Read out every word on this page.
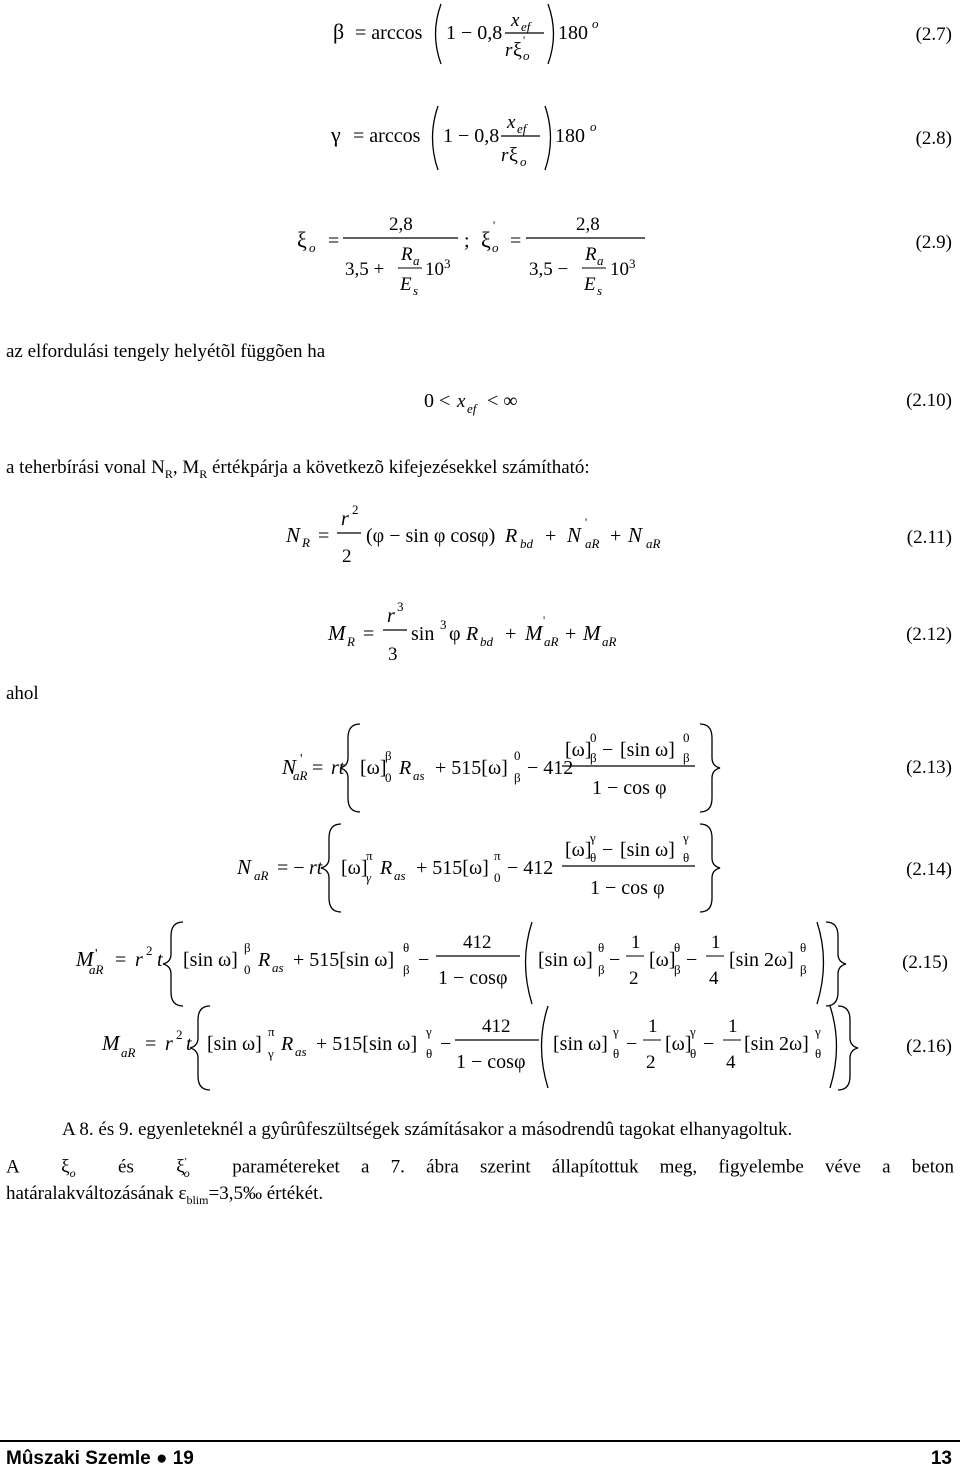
β = arccos 1 − 0,8
x ef
r ξ o
' 180 o
(2.7)
γ = arccos 1 − 0,8
x ef
r ξ o
180 o
(2.8)
ξ o =
2,8
3,5 +
R a
E s
10 3
; ξ o
'
=
2,8
3,5 −
R a
E s
10 3
(2.9)
az elfordulási tengely helyétõl függõen ha
0 < x ef < ∞	(2.10)
a teherbírási vonal $N_R$, $M_R$ értékpárja a következõ kifejezésekkel számítható:
N R =
r 2
2
(φ − sin φ cosφ) R bd + N
'
aR + N aR	(2.11)
M R =
r 3
3
sin 3 φ R bd + M
'
aR + M aR	(2.12)
ahol
N '
aR = rt [ω]
β
0 R as + 515[ω]
0
β − 412
[ω]
0
β − [sin ω]
0
β
1 − cos φ
(2.13)
N aR = − rt [ω]
π
γ R as + 515[ω]
π
0 − 412
[ω]
γ
θ − [sin ω]
γ
θ
1 − cos φ
(2.14)
M '
aR = r 2 t [sin ω]
β
0 R as + 515[sin ω]
θ
β −
412
1 − cosφ
[sin ω]
θ
β −
1
2
[ω]
θ
β −
1
4
[sin 2ω]
θ
β	(2.15)
M aR = r 2 t [sin ω]
π
γ R as + 515[sin ω]
γ
θ −
412
1 − cosφ
[sin ω]
γ
θ −
1
2
[ω]
γ
θ −
1
4
[sin 2ω]
γ
θ	(2.16)
A 8. és 9. egyenleteknél a gyûrûfeszültségek számításakor a másodrendû tagokat elhanyagoltuk.
A  $\xi_o$  és  $\xi'_o$  paramétereket a 7. ábra szerint állapítottuk meg, figyelembe véve a beton
határalakváltozásának $\varepsilon_{blim}=3,5‰$ értékét.
Mûszaki Szemle ● 19	13
